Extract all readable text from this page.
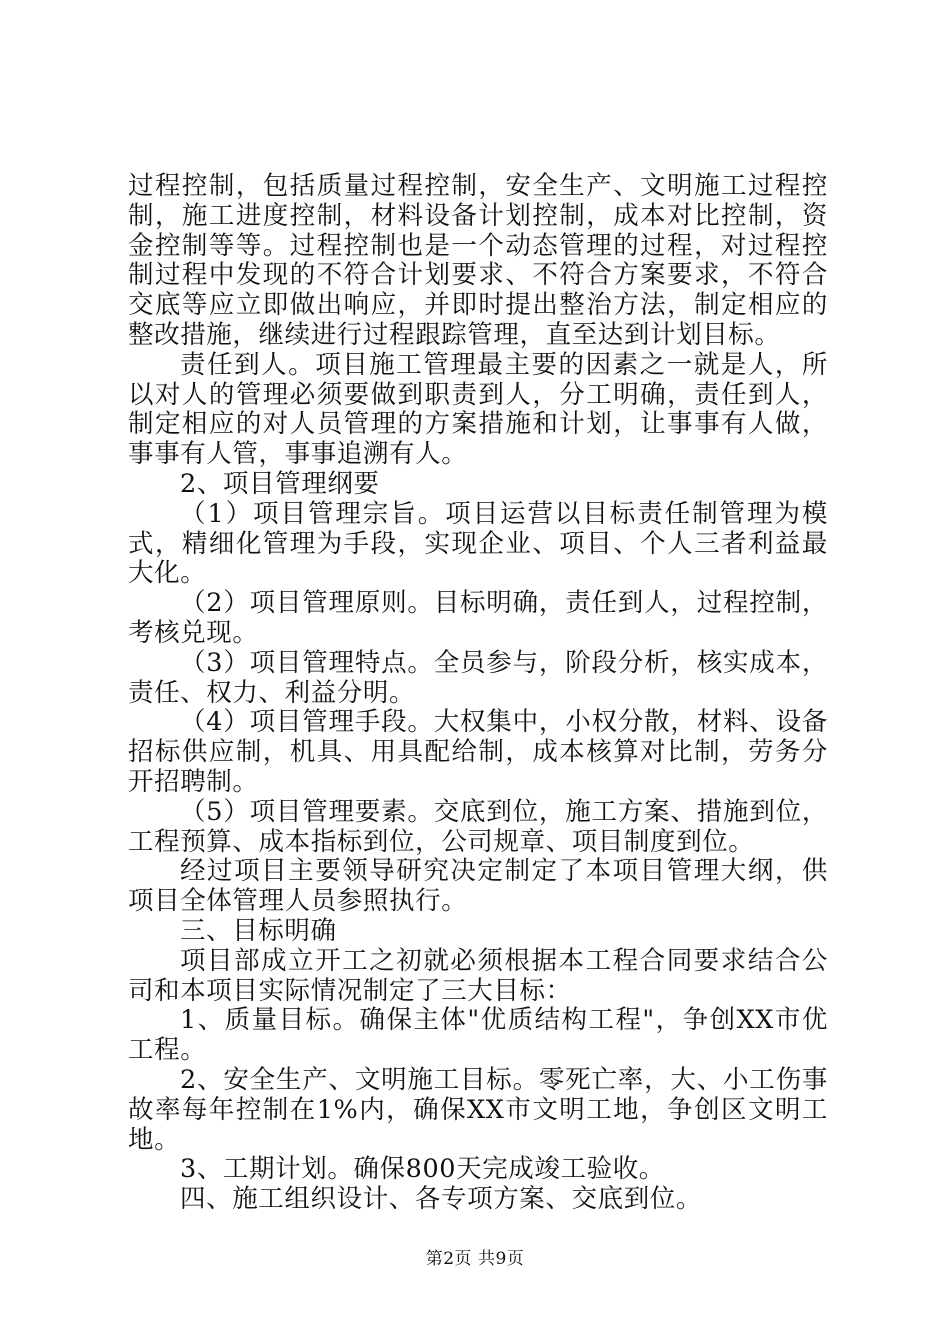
过程控制，包括质量过程控制，安全生产、文明施工过程控制，施工进度控制，材料设备计划控制，成本对比控制，资金控制等等。过程控制也是一个动态管理的过程，对过程控制过程中发现的不符合计划要求、不符合方案要求，不符合交底等应立即做出响应，并即时提出整治方法，制定相应的整改措施，继续进行过程跟踪管理，直至达到计划目标。

责任到人。项目施工管理最主要的因素之一就是人，所以对人的管理必须要做到职责到人，分工明确，责任到人，制定相应的对人员管理的方案措施和计划，让事事有人做，事事有人管，事事追溯有人。

2、项目管理纲要

（1）项目管理宗旨。项目运营以目标责任制管理为模式，精细化管理为手段，实现企业、项目、个人三者利益最大化。

（2）项目管理原则。目标明确，责任到人，过程控制，考核兑现。

（3）项目管理特点。全员参与，阶段分析，核实成本，责任、权力、利益分明。

（4）项目管理手段。大权集中，小权分散，材料、设备招标供应制，机具、用具配给制，成本核算对比制，劳务分开招聘制。

（5）项目管理要素。交底到位，施工方案、措施到位，工程预算、成本指标到位，公司规章、项目制度到位。

经过项目主要领导研究决定制定了本项目管理大纲，供项目全体管理人员参照执行。

三、目标明确

项目部成立开工之初就必须根据本工程合同要求结合公司和本项目实际情况制定了三大目标：

1、质量目标。确保主体"优质结构工程"，争创XX市优工程。

2、安全生产、文明施工目标。零死亡率，大、小工伤事故率每年控制在1%内，确保XX市文明工地，争创区文明工地。

3、工期计划。确保800天完成竣工验收。

四、施工组织设计、各专项方案、交底到位。

第2页 共9页
